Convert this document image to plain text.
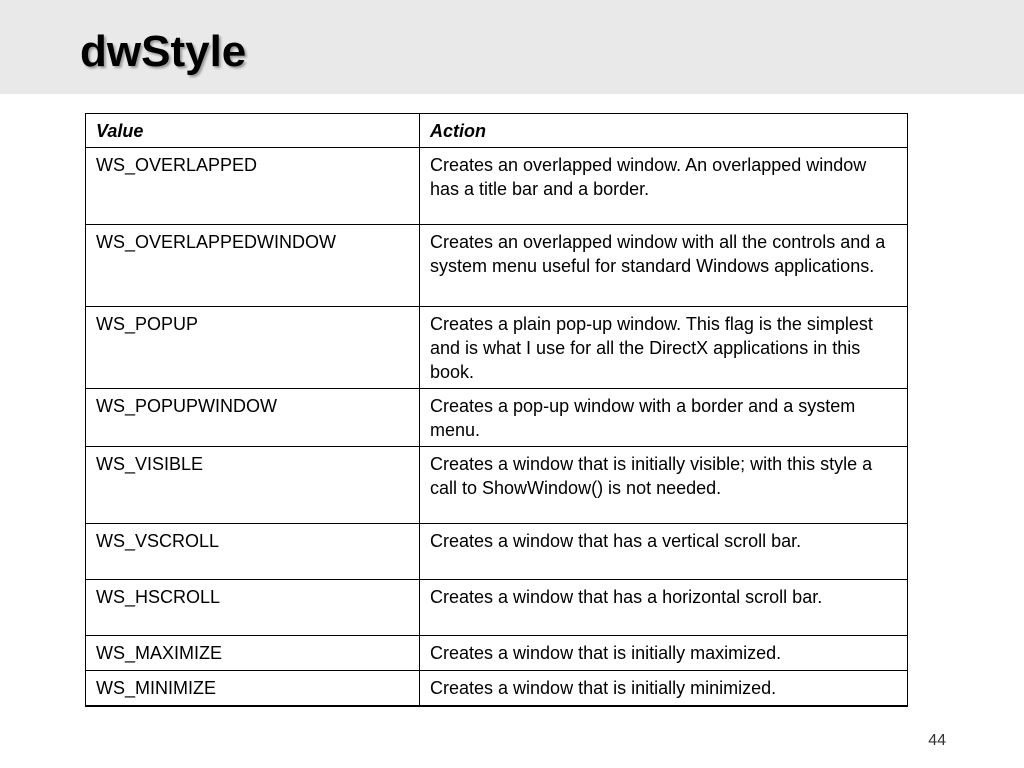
dwStyle
Value	Action
WS_OVERLAPPED	Creates an overlapped window. An overlapped window has a title bar and a border.
WS_OVERLAPPEDWINDOW	Creates an overlapped window with all the controls and a system menu useful for standard Windows applications.
WS_POPUP	Creates a plain pop-up window. This flag is the simplest and is what I use for all the DirectX applications in this book.
WS_POPUPWINDOW	Creates a pop-up window with a border and a system menu.
WS_VISIBLE	Creates a window that is initially visible; with this style a call to ShowWindow() is not needed.
WS_VSCROLL	Creates a window that has a vertical scroll bar.
WS_HSCROLL	Creates a window that has a horizontal scroll bar.
WS_MAXIMIZE	Creates a window that is initially maximized.
WS_MINIMIZE	Creates a window that is initially minimized.
44
